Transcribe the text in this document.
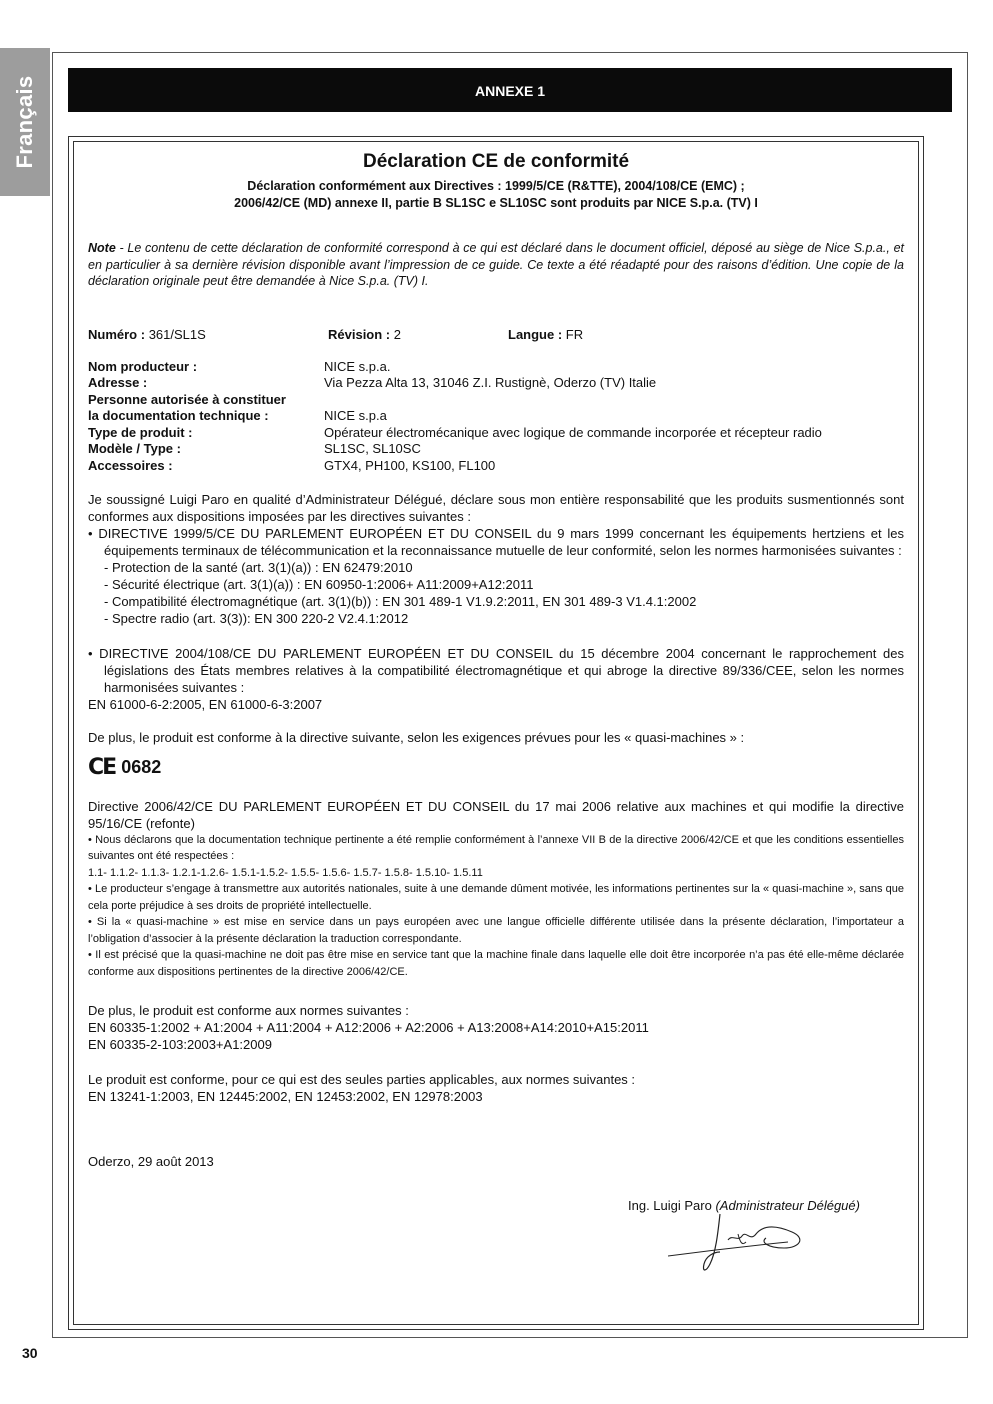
Français	ANNEXE 1
Déclaration CE de conformité

Déclaration conformément aux Directives : 1999/5/CE (R&TTE), 2004/108/CE (EMC) ;

2006/42/CE (MD) annexe II, partie B SL1SC e SL10SC sont produits par NICE S.p.a. (TV) I

Note - Le contenu de cette déclaration de conformité correspond à ce qui est déclaré dans le document officiel, déposé au siège de Nice S.p.a., et en particulier à sa dernière révision disponible avant l’impression de ce guide. Ce texte a été réadapté pour des raisons d’édition. Une copie de la déclaration originale peut être demandée à Nice S.p.a. (TV) I.

Numéro : 361/SL1S	Révision : 2	Langue : FR
Nom producteur :	NICE s.p.a.
Adresse :	Via Pezza Alta 13, 31046 Z.I. Rustignè, Oderzo (TV) Italie
Personne autorisée à constituer
la documentation technique :	NICE s.p.a
Type de produit :	Opérateur électromécanique avec logique de commande incorporée et récepteur radio
Modèle / Type :	SL1SC, SL10SC
Accessoires :	GTX4, PH100, KS100, FL100

Je soussigné Luigi Paro en qualité d’Administrateur Délégué, déclare sous mon entière responsabilité que les produits susmentionnés sont conformes aux dispositions imposées par les directives suivantes :

• DIRECTIVE 1999/5/CE DU PARLEMENT EUROPÉEN ET DU CONSEIL du 9 mars 1999 concernant les équipements hertziens et les équipements terminaux de télécommunication et la reconnaissance mutuelle de leur conformité, selon les normes harmonisées suivantes :

- Protection de la santé (art. 3(1)(a)) : EN 62479:2010

- Sécurité électrique (art. 3(1)(a)) : EN 60950-1:2006+ A11:2009+A12:2011

- Compatibilité électromagnétique (art. 3(1)(b)) : EN 301 489-1 V1.9.2:2011, EN 301 489-3 V1.4.1:2002

- Spectre radio (art. 3(3)): EN 300 220-2 V2.4.1:2012

• DIRECTIVE 2004/108/CE DU PARLEMENT EUROPÉEN ET DU CONSEIL du 15 décembre 2004 concernant le rapprochement des législations des États membres relatives à la compatibilité électromagnétique et qui abroge la directive 89/336/CEE, selon les normes harmonisées suivantes :

EN 61000-6-2:2005, EN 61000-6-3:2007

De plus, le produit est conforme à la directive suivante, selon les exigences prévues pour les « quasi-machines » :

CE 0682

Directive 2006/42/CE DU PARLEMENT EUROPÉEN ET DU CONSEIL du 17 mai 2006 relative aux machines et qui modifie la directive 95/16/CE (refonte)

• Nous déclarons que la documentation technique pertinente a été remplie conformément à l’annexe VII B de la directive 2006/42/CE et que les conditions essentielles suivantes ont été respectées :

1.1- 1.1.2- 1.1.3- 1.2.1-1.2.6- 1.5.1-1.5.2- 1.5.5- 1.5.6- 1.5.7- 1.5.8- 1.5.10- 1.5.11

• Le producteur s’engage à transmettre aux autorités nationales, suite à une demande dûment motivée, les informations pertinentes sur la « quasi-machine », sans que cela porte préjudice à ses droits de propriété intellectuelle.

• Si la « quasi-machine » est mise en service dans un pays européen avec une langue officielle différente utilisée dans la présente déclaration, l’importateur a l’obligation d’associer à la présente déclaration la traduction correspondante.

• Il est précisé que la quasi-machine ne doit pas être mise en service tant que la machine finale dans laquelle elle doit être incorporée n’a pas été elle-même déclarée conforme aux dispositions pertinentes de la directive 2006/42/CE.

De plus, le produit est conforme aux normes suivantes :

EN 60335-1:2002 + A1:2004 + A11:2004 + A12:2006 + A2:2006 + A13:2008+A14:2010+A15:2011

EN 60335-2-103:2003+A1:2009

Le produit est conforme, pour ce qui est des seules parties applicables, aux normes suivantes :

EN 13241-1:2003, EN 12445:2002, EN 12453:2002, EN 12978:2003

Oderzo, 29 août 2013

Ing. Luigi Paro (Administrateur Délégué)
30
